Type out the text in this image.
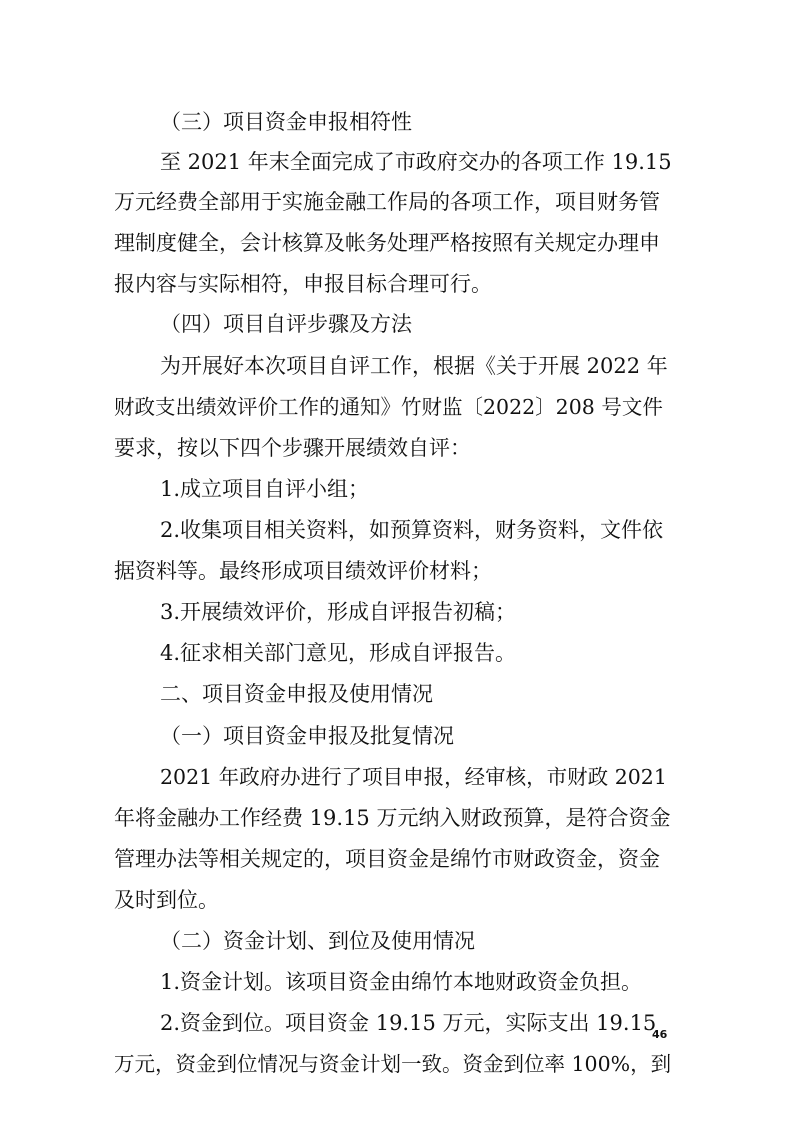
（三）项目资金申报相符性
至 2021 年末全面完成了市政府交办的各项工作 19.15
万元经费全部用于实施金融工作局的各项工作，项目财务管
理制度健全，会计核算及帐务处理严格按照有关规定办理申
报内容与实际相符，申报目标合理可行。
（四）项目自评步骤及方法
为开展好本次项目自评工作，根据《关于开展 2022 年
财政支出绩效评价工作的通知》竹财监〔2022〕208 号文件
要求，按以下四个步骤开展绩效自评：
1.成立项目自评小组；
2.收集项目相关资料，如预算资料，财务资料，文件依
据资料等。最终形成项目绩效评价材料；
3.开展绩效评价，形成自评报告初稿；
4.征求相关部门意见，形成自评报告。
二、项目资金申报及使用情况
（一）项目资金申报及批复情况
2021 年政府办进行了项目申报，经审核，市财政 2021
年将金融办工作经费 19.15 万元纳入财政预算，是符合资金
管理办法等相关规定的，项目资金是绵竹市财政资金，资金
及时到位。
（二）资金计划、到位及使用情况
1.资金计划。该项目资金由绵竹本地财政资金负担。
2.资金到位。项目资金 19.15 万元，实际支出 19.15
万元，资金到位情况与资金计划一致。资金到位率 100%，到
46
